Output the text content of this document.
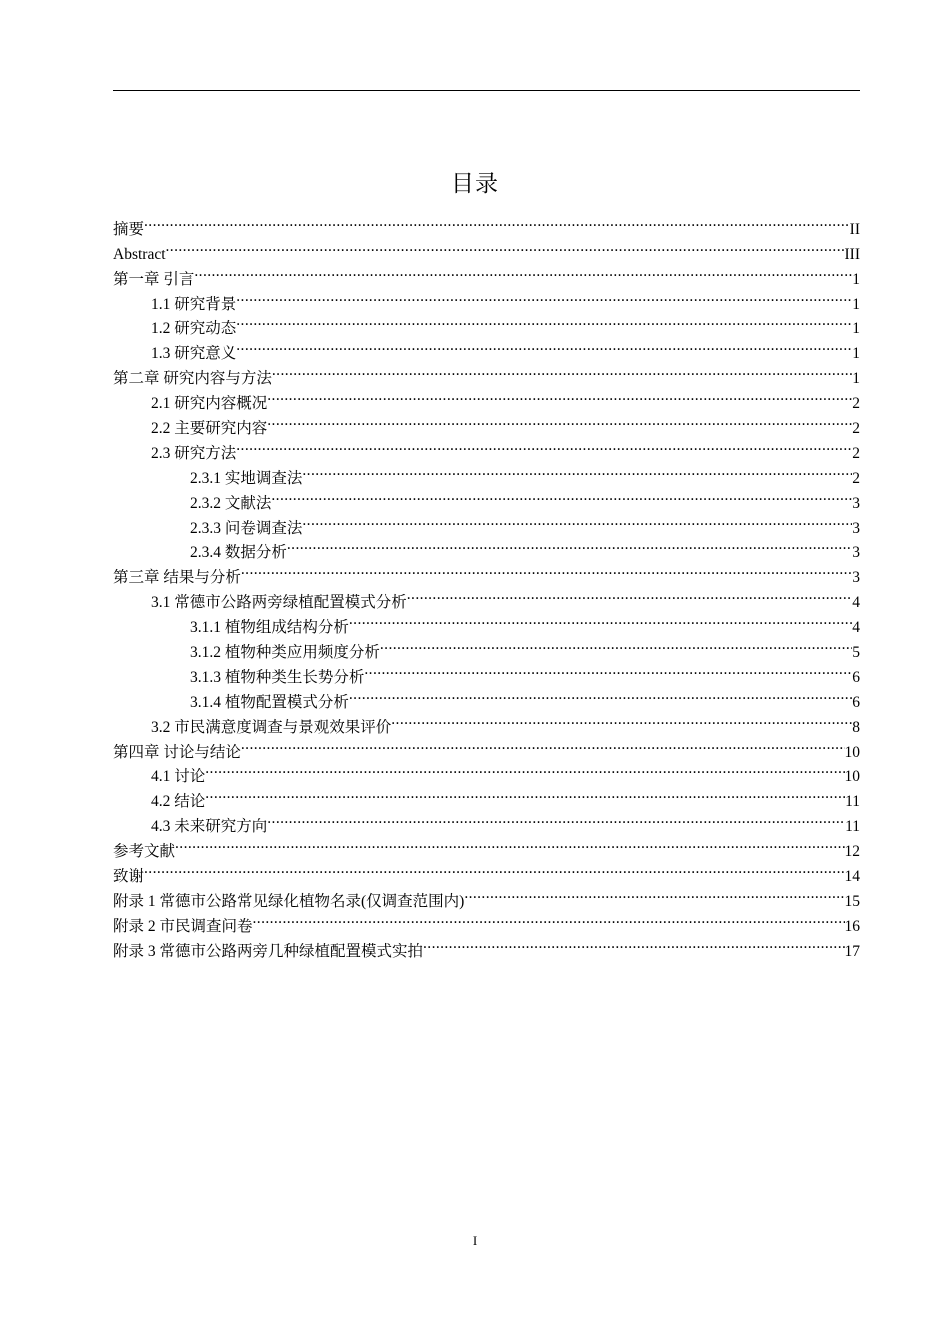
目录
摘要 .....	II
Abstract .....	III
第一章 引言 .....	1
1.1 研究背景 .....	1
1.2 研究动态 .....	1
1.3 研究意义 .....	1
第二章 研究内容与方法 .....	1
2.1 研究内容概况 .....	2
2.2 主要研究内容 .....	2
2.3 研究方法 .....	2
2.3.1 实地调查法 .....	2
2.3.2 文献法 .....	3
2.3.3 问卷调查法 .....	3
2.3.4 数据分析 .....	3
第三章 结果与分析 .....	3
3.1 常德市公路两旁绿植配置模式分析 .....	4
3.1.1 植物组成结构分析 .....	4
3.1.2 植物种类应用频度分析 .....	5
3.1.3 植物种类生长势分析 .....	6
3.1.4 植物配置模式分析 .....	6
3.2 市民满意度调查与景观效果评价 .....	8
第四章 讨论与结论 .....	10
4.1 讨论 .....	10
4.2 结论 .....	11
4.3 未来研究方向 .....	11
参考文献 .....	12
致谢 .....	14
附录 1 常德市公路常见绿化植物名录(仅调查范围内) .....	15
附录 2 市民调查问卷 .....	16
附录 3 常德市公路两旁几种绿植配置模式实拍 .....	17
I
